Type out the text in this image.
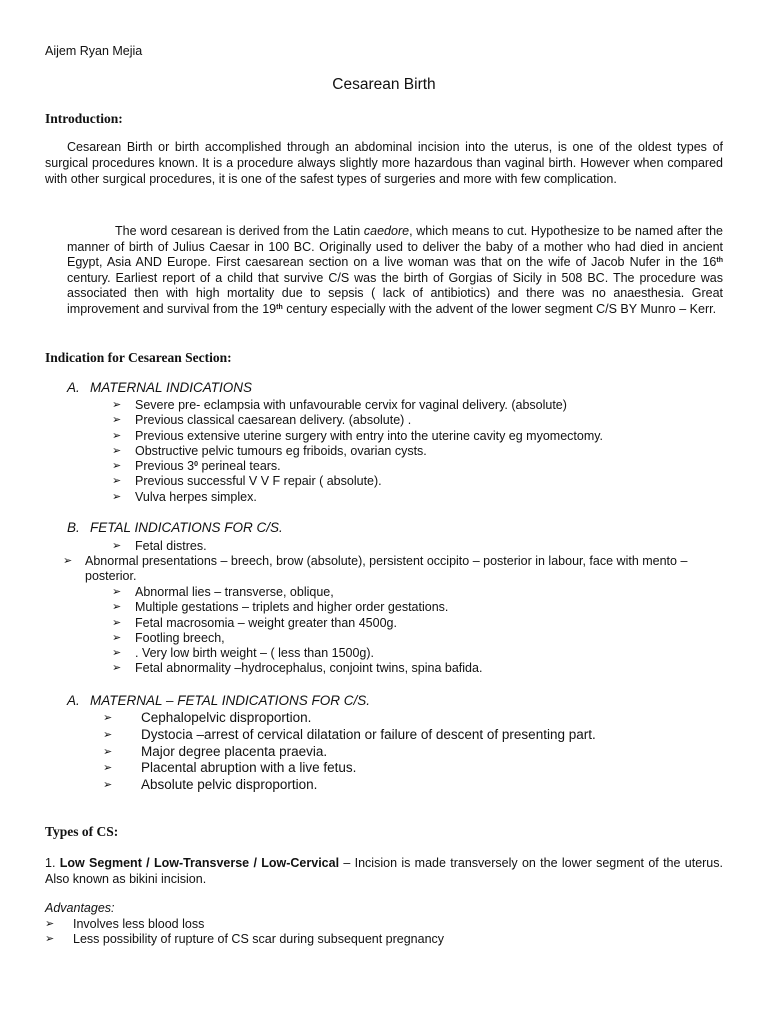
Aijem Ryan Mejia
Cesarean Birth
Introduction:
Cesarean Birth or birth accomplished through an abdominal incision into the uterus, is one of the oldest types of surgical procedures known. It is a procedure always slightly more hazardous than vaginal birth. However when compared with other surgical procedures, it is one of the safest types of surgeries and more with few complication.
The word cesarean is derived from the Latin caedore, which means to cut. Hypothesize to be named after the manner of birth of Julius Caesar in 100 BC. Originally used to deliver the baby of a mother who had died in ancient Egypt, Asia AND Europe. First caesarean section on a live woman was that on the wife of Jacob Nufer in the 16th century. Earliest report of a child that survive C/S was the birth of Gorgias of Sicily in 508 BC. The procedure was associated then with high mortality due to sepsis ( lack of antibiotics) and there was no anaesthesia. Great improvement and survival from the 19th century especially with the advent of the lower segment C/S BY Munro – Kerr.
Indication for Cesarean Section:
A. MATERNAL INDICATIONS
➢ Severe pre- eclampsia with unfavourable cervix for vaginal delivery. (absolute)
➢ Previous classical caesarean delivery. (absolute) .
➢ Previous extensive uterine surgery with entry into the uterine cavity eg myomectomy.
➢ Obstructive pelvic tumours eg friboids, ovarian cysts.
➢ Previous $3^0$ perineal tears.
➢ Previous successful V V F repair ( absolute).
➢ Vulva herpes simplex.
B. FETAL INDICATIONS FOR C/S.
➢ Fetal distres.
➢ Abnormal presentations – breech, brow (absolute), persistent occipito – posterior in labour, face with mento – posterior.
➢ Abnormal lies – transverse, oblique,
➢ Multiple gestations – triplets and higher order gestations.
➢ Fetal macrosomia – weight greater than 4500g.
➢ Footling breech,
➢ . Very low birth weight – ( less than 1500g).
➢ Fetal abnormality –hydrocephalus, conjoint twins, spina bafida.
A. MATERNAL – FETAL INDICATIONS FOR C/S.
➢ Cephalopelvic disproportion.
➢ Dystocia –arrest of cervical dilatation or failure of descent of presenting part.
➢ Major degree placenta praevia.
➢ Placental abruption with a live fetus.
➢ Absolute pelvic disproportion.
Types of CS:
1. Low Segment / Low-Transverse / Low-Cervical – Incision is made transversely on the lower segment of the uterus. Also known as bikini incision.
Advantages:
➢ Involves less blood loss
➢ Less possibility of rupture of CS scar during subsequent pregnancy
